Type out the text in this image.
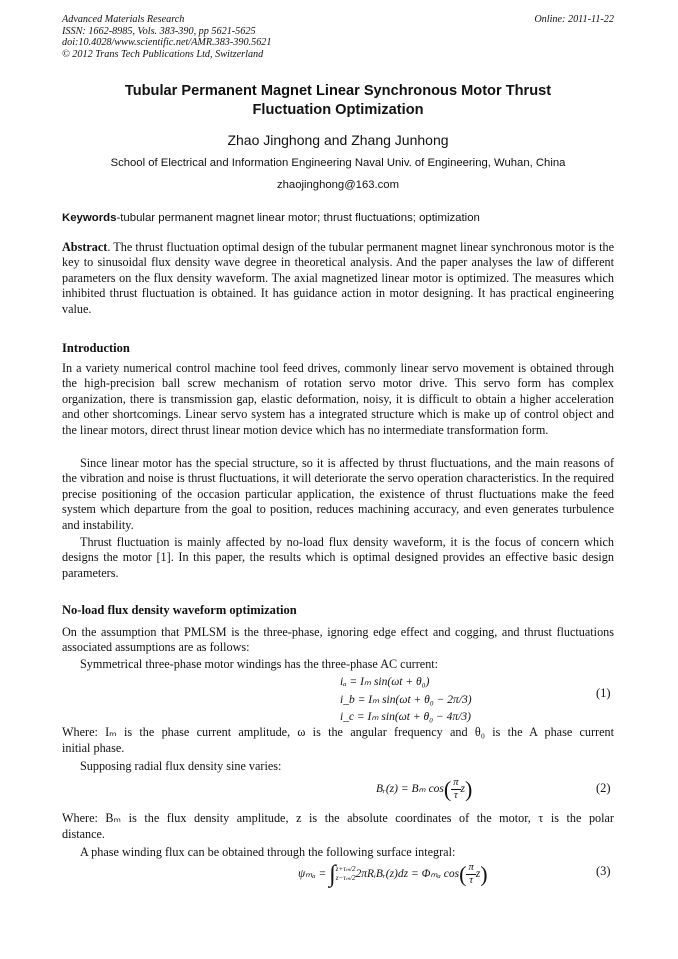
Advanced Materials Research
ISSN: 1662-8985, Vols. 383-390, pp 5621-5625
doi:10.4028/www.scientific.net/AMR.383-390.5621
© 2012 Trans Tech Publications Ltd, Switzerland
Online: 2011-11-22
Tubular Permanent Magnet Linear Synchronous Motor Thrust
Fluctuation Optimization
Zhao Jinghong and Zhang Junhong
School of Electrical and Information Engineering Naval Univ. of Engineering, Wuhan, China
zhaojinghong@163.com
Keywords-tubular permanent magnet linear motor; thrust fluctuations; optimization
Abstract. The thrust fluctuation optimal design of the tubular permanent magnet linear synchronous motor is the key to sinusoidal flux density wave degree in theoretical analysis. And the paper analyses the law of different parameters on the flux density waveform. The axial magnetized linear motor is optimized. The measures which inhibited thrust fluctuation is obtained. It has guidance action in motor designing. It has practical engineering value.
Introduction
In a variety numerical control machine tool feed drives, commonly linear servo movement is obtained through the high-precision ball screw mechanism of rotation servo motor drive. This servo form has complex organization, there is transmission gap, elastic deformation, noisy, it is difficult to obtain a higher acceleration and other shortcomings. Linear servo system has a integrated structure which is make up of control object and the linear motors, direct thrust linear motion device which has no intermediate transformation form.
Since linear motor has the special structure, so it is affected by thrust fluctuations, and the main reasons of the vibration and noise is thrust fluctuations, it will deteriorate the servo operation characteristics. In the required precise positioning of the occasion particular application, the existence of thrust fluctuations make the feed system which departure from the goal to position, reduces machining accuracy, and even generates turbulence and instability.
Thrust fluctuation is mainly affected by no-load flux density waveform, it is the focus of concern which designs the motor [1]. In this paper, the results which is optimal designed provides an effective basic design parameters.
No-load flux density waveform optimization
On the assumption that PMLSM is the three-phase, ignoring edge effect and cogging, and thrust fluctuations associated assumptions are as follows:
Symmetrical three-phase motor windings has the three-phase AC current:
iₐ = Iₘ sin(ωt + θ₀)
i_b = Iₘ sin(ωt + θ₀ − 2π/3)
i_c = Iₘ sin(ωt + θ₀ − 4π/3)
(1)
Where: Iₘ is the phase current amplitude, ω is the angular frequency and θ₀ is the A phase current
initial phase.
Supposing radial flux density sine varies:
Bᵣ(z) = Bₘ $\cos( \frac{\pi}{\tau} z)$	(2)
Where: Bₘ is the flux density amplitude, z is the absolute coordinates of the motor, τ is the polar
distance.
A phase winding flux can be obtained through the following surface integral:
ψₘₐ = ∫ z+τₘ/2
z−τₘ/2 2πRᵢBᵣ(z)dz = Φₘₐ $\cos( \frac{\pi}{\tau} z)$	(3)
